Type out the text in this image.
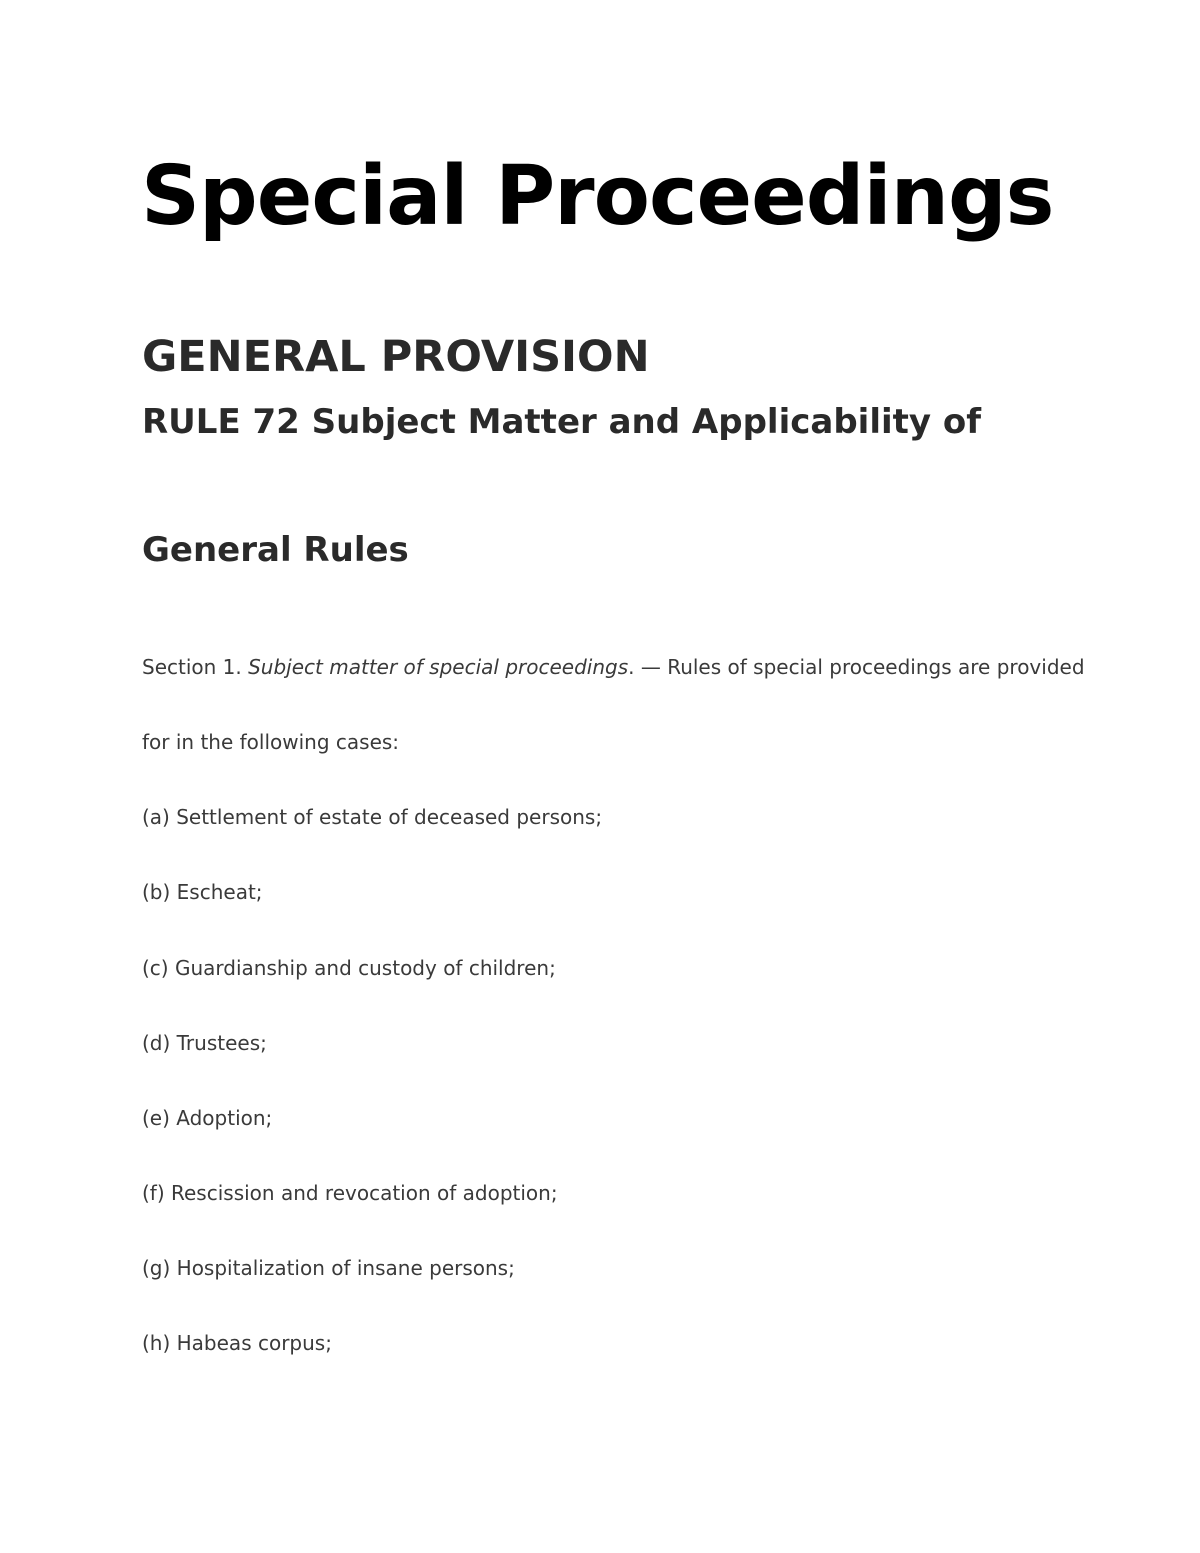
Special Proceedings
GENERAL PROVISION
RULE 72 Subject Matter and Applicability of
General Rules

Section 1. Subject matter of special proceedings. — Rules of special proceedings are provided

for in the following cases:

(a) Settlement of estate of deceased persons;

(b) Escheat;

(c) Guardianship and custody of children;

(d) Trustees;

(e) Adoption;

(f) Rescission and revocation of adoption;

(g) Hospitalization of insane persons;

(h) Habeas corpus;
